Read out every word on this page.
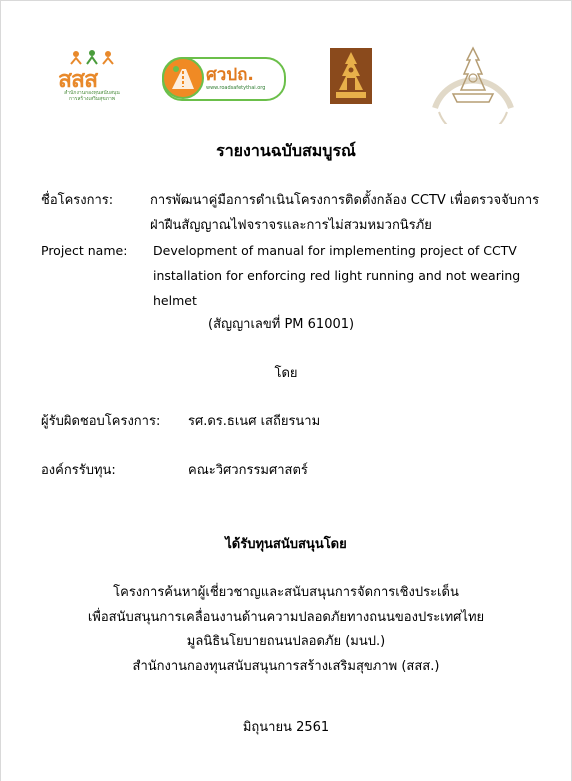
สสส
สำนักงานกองทุนสนับสนุน
การสร้างเสริมสุขภาพ
ศวปถ.
www.roadsafetythai.org
รายงานฉบับสมบูรณ์
ชื่อโครงการ:	การพัฒนาคู่มือการดำเนินโครงการติดตั้งกล้อง CCTV เพื่อตรวจจับการ
ฝ่าฝืนสัญญาณไฟจราจรและการไม่สวมหมวกนิรภัย
Project name: Development of manual for implementing project of CCTV
installation for enforcing red light running and not wearing
helmet
(สัญญาเลขที่ PM 61001)
โดย
ผู้รับผิดชอบโครงการ: รศ.ดร.ธเนศ เสถียรนาม
องค์กรรับทุน:	คณะวิศวกรรมศาสตร์
ได้รับทุนสนับสนุนโดย
โครงการค้นหาผู้เชี่ยวชาญและสนับสนุนการจัดการเชิงประเด็น
เพื่อสนับสนุนการเคลื่อนงานด้านความปลอดภัยทางถนนของประเทศไทย
มูลนิธินโยบายถนนปลอดภัย (มนป.)
สำนักงานกองทุนสนับสนุนการสร้างเสริมสุขภาพ (สสส.)
มิถุนายน 2561
